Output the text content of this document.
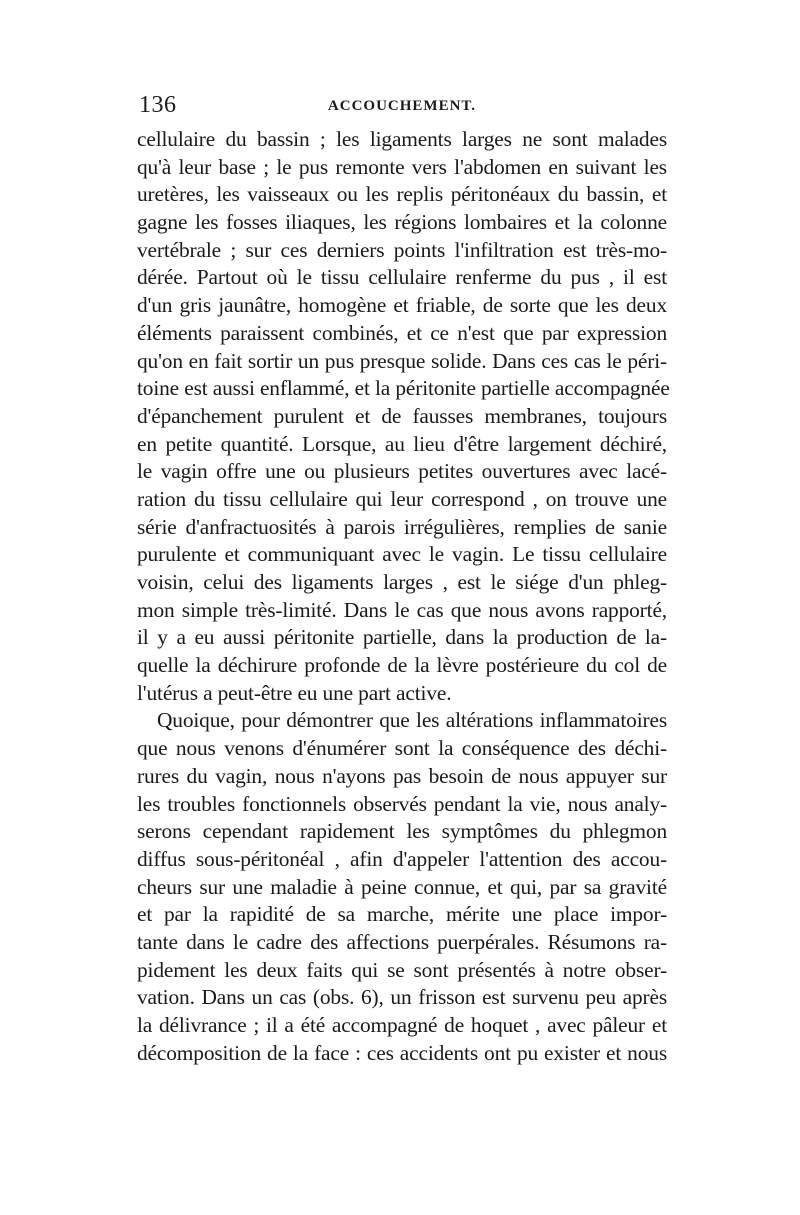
136	ACCOUCHEMENT.
cellulaire du bassin ; les ligaments larges ne sont malades
qu'à leur base ; le pus remonte vers l'abdomen en suivant les
uretères, les vaisseaux ou les replis péritonéaux du bassin, et
gagne les fosses iliaques, les régions lombaires et la colonne
vertébrale ; sur ces derniers points l'infiltration est très-mo-
dérée. Partout où le tissu cellulaire renferme du pus , il est
d'un gris jaunâtre, homogène et friable, de sorte que les deux
éléments paraissent combinés, et ce n'est que par expression
qu'on en fait sortir un pus presque solide. Dans ces cas le péri-
toine est aussi enflammé, et la péritonite partielle accompagnée
d'épanchement purulent et de fausses membranes, toujours
en petite quantité. Lorsque, au lieu d'être largement déchiré,
le vagin offre une ou plusieurs petites ouvertures avec lacé-
ration du tissu cellulaire qui leur correspond , on trouve une
série d'anfractuosités à parois irrégulières, remplies de sanie
purulente et communiquant avec le vagin. Le tissu cellulaire
voisin, celui des ligaments larges , est le siége d'un phleg-
mon simple très-limité. Dans le cas que nous avons rapporté,
il y a eu aussi péritonite partielle, dans la production de la-
quelle la déchirure profonde de la lèvre postérieure du col de
l'utérus a peut-être eu une part active.
Quoique, pour démontrer que les altérations inflammatoires
que nous venons d'énumérer sont la conséquence des déchi-
rures du vagin, nous n'ayons pas besoin de nous appuyer sur
les troubles fonctionnels observés pendant la vie, nous analy-
serons cependant rapidement les symptômes du phlegmon
diffus sous-péritonéal , afin d'appeler l'attention des accou-
cheurs sur une maladie à peine connue, et qui, par sa gravité
et par la rapidité de sa marche, mérite une place impor-
tante dans le cadre des affections puerpérales. Résumons ra-
pidement les deux faits qui se sont présentés à notre obser-
vation. Dans un cas (obs. 6), un frisson est survenu peu après
la délivrance ; il a été accompagné de hoquet , avec pâleur et
décomposition de la face : ces accidents ont pu exister et nous
